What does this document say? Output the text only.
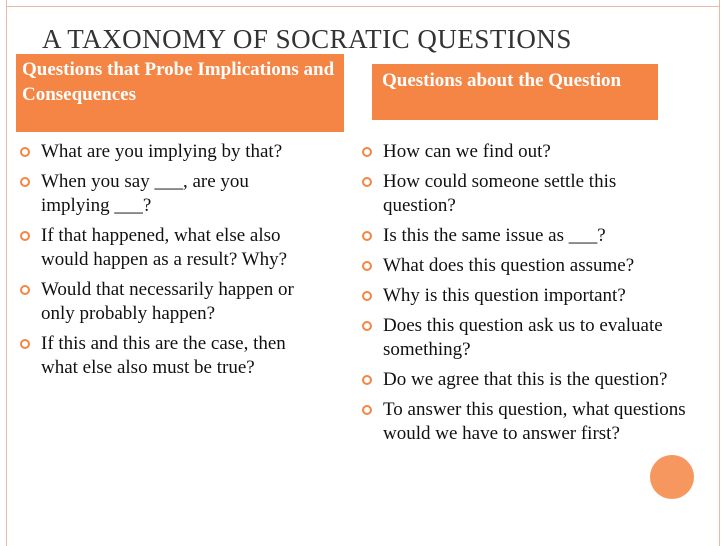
A TAXONOMY OF SOCRATIC QUESTIONS
Questions that Probe Implications and Consequences
Questions about the Question
What are you implying by that?
When you say ___, are you implying ___?
If that happened, what else also would happen as a result? Why?
Would that necessarily happen or only probably happen?
If this and this are the case, then what else also must be true?
How can we find out?
How could someone settle this question?
Is this the same issue as ___?
What does this question assume?
Why is this question important?
Does this question ask us to evaluate something?
Do we agree that this is the question?
To answer this question, what questions would we have to answer first?
